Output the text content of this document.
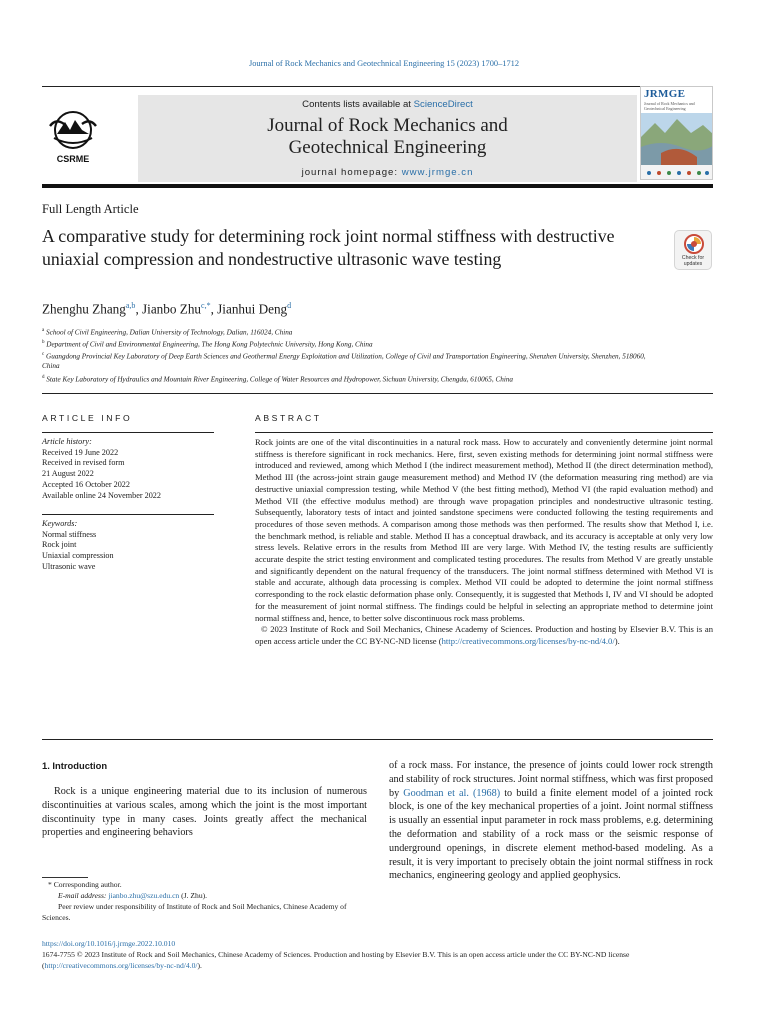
Journal of Rock Mechanics and Geotechnical Engineering 15 (2023) 1700–1712
CSRME
Contents lists available at ScienceDirect
Journal of Rock Mechanics and
Geotechnical Engineering
journal homepage: www.jrmge.cn
JRMGE
Journal of Rock Mechanics and Geotechnical Engineering
Full Length Article
A comparative study for determining rock joint normal stiffness with destructive uniaxial compression and nondestructive ultrasonic wave testing	Check for
updates
Zhenghu Zhang$^{a,b}$, Jianbo Zhu$^{c,*}$, Jianhui Deng$^d$
$^a$ School of Civil Engineering, Dalian University of Technology, Dalian, 116024, China
$^b$ Department of Civil and Environmental Engineering, The Hong Kong Polytechnic University, Hong Kong, China
$^c$ Guangdong Provincial Key Laboratory of Deep Earth Sciences and Geothermal Energy Exploitation and Utilization, College of Civil and Transportation Engineering, Shenzhen University, Shenzhen, 518060, China
$^d$ State Key Laboratory of Hydraulics and Mountain River Engineering, College of Water Resources and Hydropower, Sichuan University, Chengdu, 610065, China
ARTICLE INFO
Article history:
Received 19 June 2022
Received in revised form
21 August 2022
Accepted 16 October 2022
Available online 24 November 2022
Keywords:
Normal stiffness
Rock joint
Uniaxial compression
Ultrasonic wave
ABSTRACT

Rock joints are one of the vital discontinuities in a natural rock mass. How to accurately and conveniently determine joint normal stiffness is therefore significant in rock mechanics. Here, first, seven existing methods for determining joint normal stiffness were introduced and reviewed, among which Method I (the indirect measurement method), Method II (the direct determination method), Method III (the across-joint strain gauge measurement method) and Method IV (the deformation measuring ring method) are via destructive uniaxial compression testing, while Method V (the best fitting method), Method VI (the rapid evaluation method) and Method VII (the effective modulus method) are through wave propagation principles and nondestructive ultrasonic testing. Subsequently, laboratory tests of intact and jointed sandstone specimens were conducted following the testing requirements and procedures of those seven methods. A comparison among those methods was then performed. The results show that Method I, i.e. the benchmark method, is reliable and stable. Method II has a conceptual drawback, and its accuracy is acceptable at only very low stress levels. Relative errors in the results from Method III are very large. With Method IV, the testing results are sufficiently accurate despite the strict testing environment and complicated testing procedures. The results from Method V are greatly unstable and significantly dependent on the natural frequency of the transducers. The joint normal stiffness determined with Method VI is stable and accurate, although data processing is complex. Method VII could be adopted to determine the joint normal stiffness corresponding to the rock elastic deformation phase only. Consequently, it is suggested that Methods I, IV and VI should be adopted for the measurement of joint normal stiffness. The findings could be helpful in selecting an appropriate method to determine joint normal stiffness and, hence, to better solve discontinuous rock mass problems.

© 2023 Institute of Rock and Soil Mechanics, Chinese Academy of Sciences. Production and hosting by Elsevier B.V. This is an open access article under the CC BY-NC-ND license (http://creativecommons.org/licenses/by-nc-nd/4.0/).

1. Introduction
Rock is a unique engineering material due to its inclusion of numerous discontinuities at various scales, among which the joint is the most important discontinuity type in many cases. Joints greatly affect the mechanical properties and engineering behaviors
of a rock mass. For instance, the presence of joints could lower rock strength and stability of rock structures. Joint normal stiffness, which was first proposed by Goodman et al. (1968) to build a finite element model of a jointed rock block, is one of the key mechanical properties of a joint. Joint normal stiffness is usually an essential input parameter in rock mass problems, e.g. determining the deformation and stability of a rock mass or the seismic response of underground openings, in discrete element method-based modeling. As a result, it is very important to precisely obtain the joint normal stiffness in rock mechanics, engineering geology and applied geophysics.
* Corresponding author.
E-mail address: jianbo.zhu@szu.edu.cn (J. Zhu).
Peer review under responsibility of Institute of Rock and Soil Mechanics, Chinese Academy of Sciences.
https://doi.org/10.1016/j.jrmge.2022.10.010
1674-7755 © 2023 Institute of Rock and Soil Mechanics, Chinese Academy of Sciences. Production and hosting by Elsevier B.V. This is an open access article under the CC BY-NC-ND license (http://creativecommons.org/licenses/by-nc-nd/4.0/).
